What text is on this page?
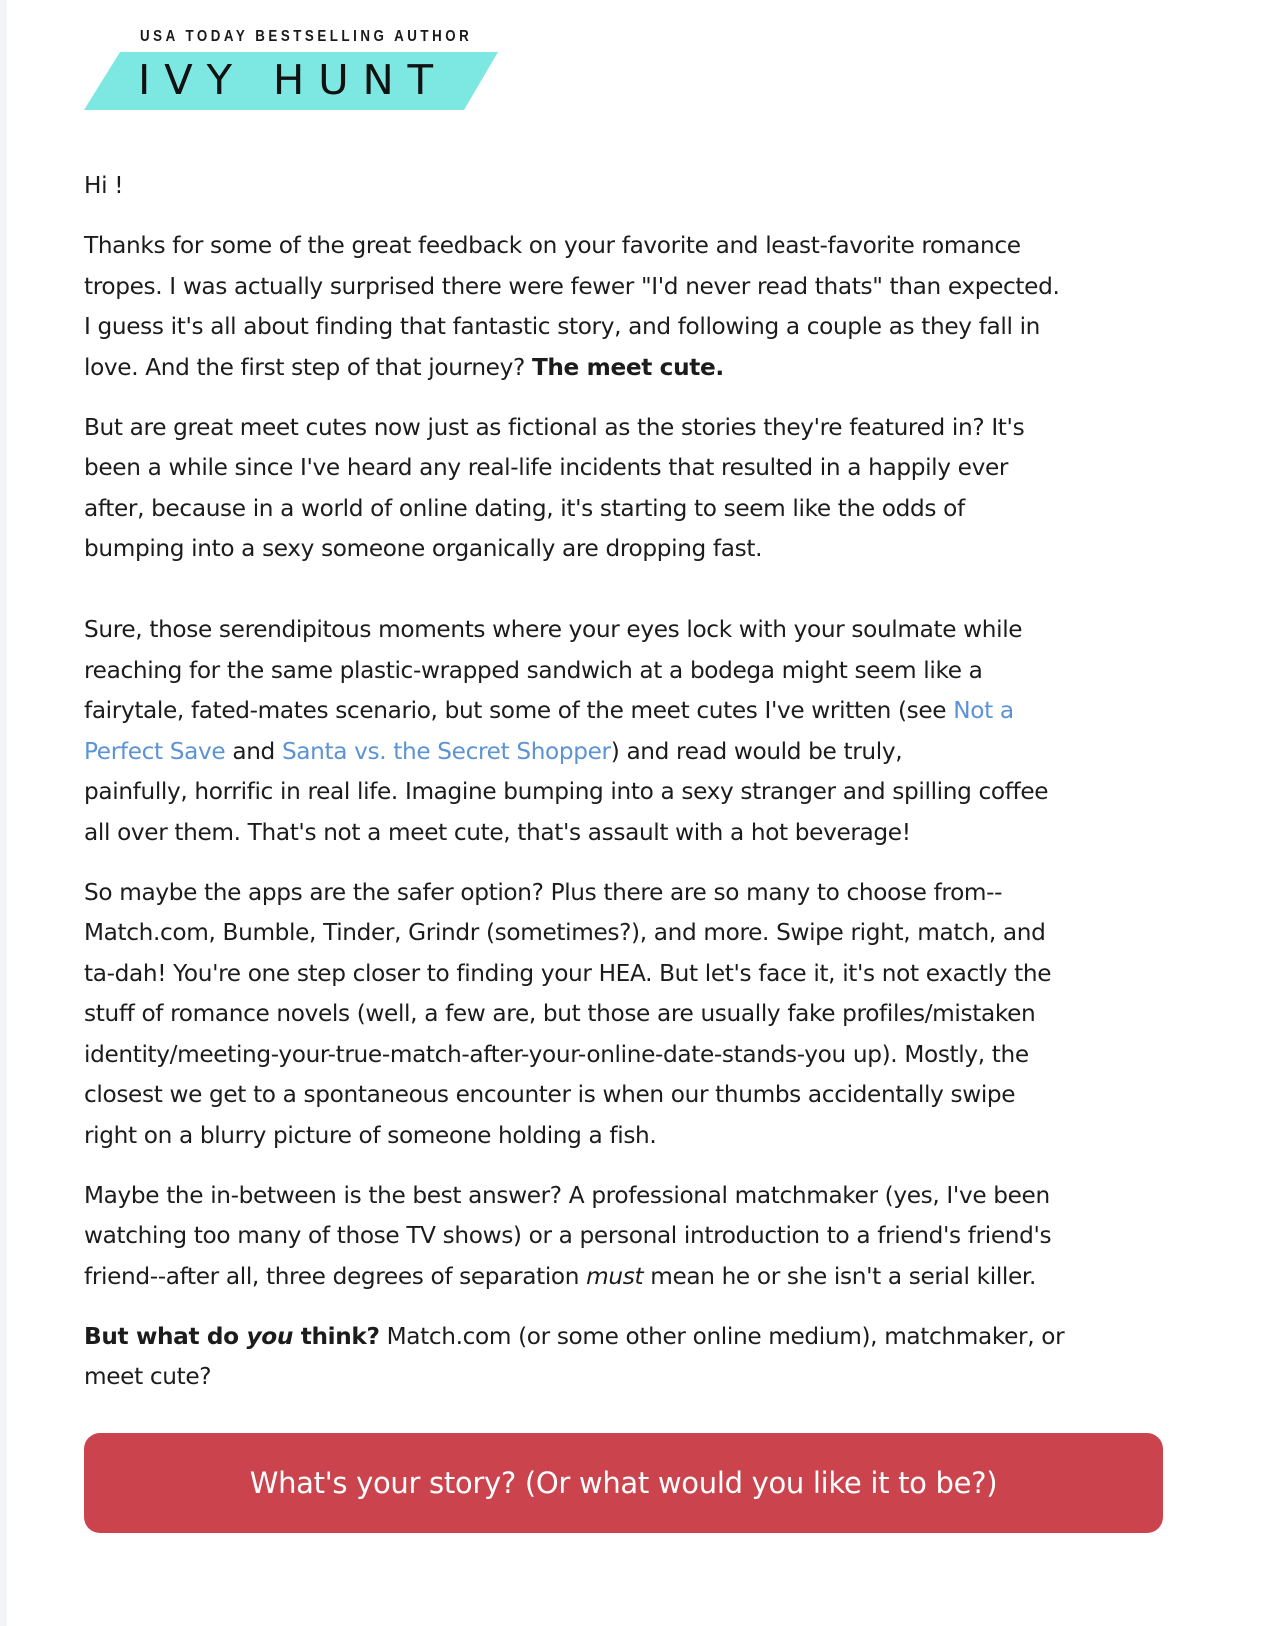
USA TODAY BESTSELLING AUTHOR
IVY HUNT

Hi !

Thanks for some of the great feedback on your favorite and least-favorite romance
tropes. I was actually surprised there were fewer "I'd never read thats" than expected.
I guess it's all about finding that fantastic story, and following a couple as they fall in
love. And the first step of that journey? The meet cute.

But are great meet cutes now just as fictional as the stories they're featured in? It's
been a while since I've heard any real-life incidents that resulted in a happily ever
after, because in a world of online dating, it's starting to seem like the odds of
bumping into a sexy someone organically are dropping fast.

Sure, those serendipitous moments where your eyes lock with your soulmate while
reaching for the same plastic-wrapped sandwich at a bodega might seem like a
fairytale, fated-mates scenario, but some of the meet cutes I've written (see Not a
Perfect Save and Santa vs. the Secret Shopper) and read would be truly,
painfully, horrific in real life. Imagine bumping into a sexy stranger and spilling coffee
all over them. That's not a meet cute, that's assault with a hot beverage!

So maybe the apps are the safer option? Plus there are so many to choose from--
Match.com, Bumble, Tinder, Grindr (sometimes?), and more. Swipe right, match, and
ta-dah! You're one step closer to finding your HEA. But let's face it, it's not exactly the
stuff of romance novels (well, a few are, but those are usually fake profiles/mistaken
identity/meeting-your-true-match-after-your-online-date-stands-you up). Mostly, the
closest we get to a spontaneous encounter is when our thumbs accidentally swipe
right on a blurry picture of someone holding a fish.

Maybe the in-between is the best answer? A professional matchmaker (yes, I've been
watching too many of those TV shows) or a personal introduction to a friend's friend's
friend--after all, three degrees of separation must mean he or she isn't a serial killer.

But what do you think? Match.com (or some other online medium), matchmaker, or
meet cute?

What's your story? (Or what would you like it to be?)
